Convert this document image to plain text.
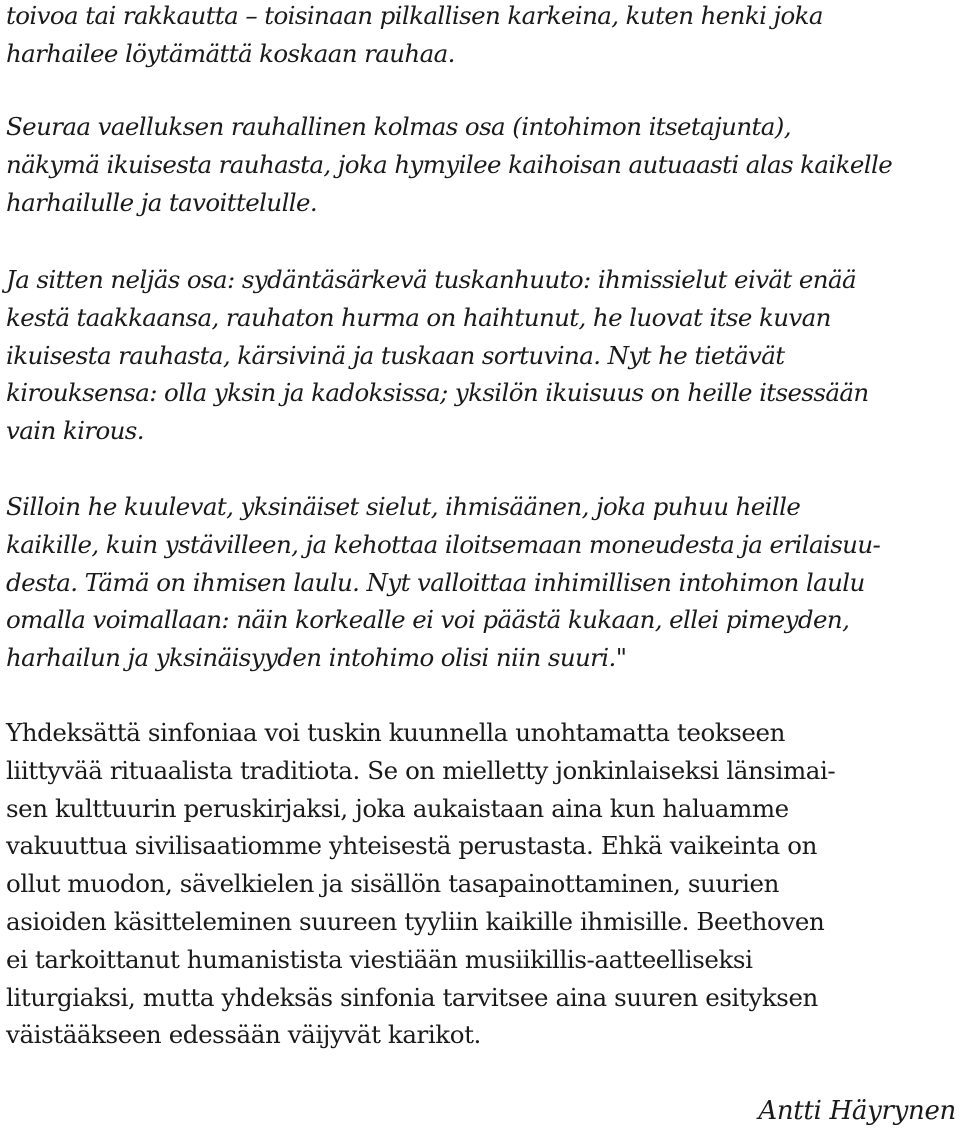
toivoa tai rakkautta – toisinaan pilkallisen karkeina, kuten henki joka
harhailee löytämättä koskaan rauhaa.

Seuraa vaelluksen rauhallinen kolmas osa (intohimon itsetajunta),
näkymä ikuisesta rauhasta, joka hymyilee kaihoisan autuaasti alas kaikelle
harhailulle ja tavoittelulle.

Ja sitten neljäs osa: sydäntäsärkevä tuskanhuuto: ihmissielut eivät enää
kestä taakkaansa, rauhaton hurma on haihtunut, he luovat itse kuvan
ikuisesta rauhasta, kärsivinä ja tuskaan sortuvina. Nyt he tietävät
kirouksensa: olla yksin ja kadoksissa; yksilön ikuisuus on heille itsessään
vain kirous.

Silloin he kuulevat, yksinäiset sielut, ihmisäänen, joka puhuu heille
kaikille, kuin ystävilleen, ja kehottaa iloitsemaan moneudesta ja erilaisuu-
desta. Tämä on ihmisen laulu. Nyt valloittaa inhimillisen intohimon laulu
omalla voimallaan: näin korkealle ei voi päästä kukaan, ellei pimeyden,
harhailun ja yksinäisyyden intohimo olisi niin suuri."

Yhdeksättä sinfoniaa voi tuskin kuunnella unohtamatta teokseen
liittyvää rituaalista traditiota. Se on mielletty jonkinlaiseksi länsimai-
sen kulttuurin peruskirjaksi, joka aukaistaan aina kun haluamme
vakuuttua sivilisaatiomme yhteisestä perustasta. Ehkä vaikeinta on
ollut muodon, sävelkielen ja sisällön tasapainottaminen, suurien
asioiden käsitteleminen suureen tyyliin kaikille ihmisille. Beethoven
ei tarkoittanut humanistista viestiään musiikillis-aatteelliseksi
liturgiaksi, mutta yhdeksäs sinfonia tarvitsee aina suuren esityksen
väistääkseen edessään väijyvät karikot.

Antti Häyrynen
